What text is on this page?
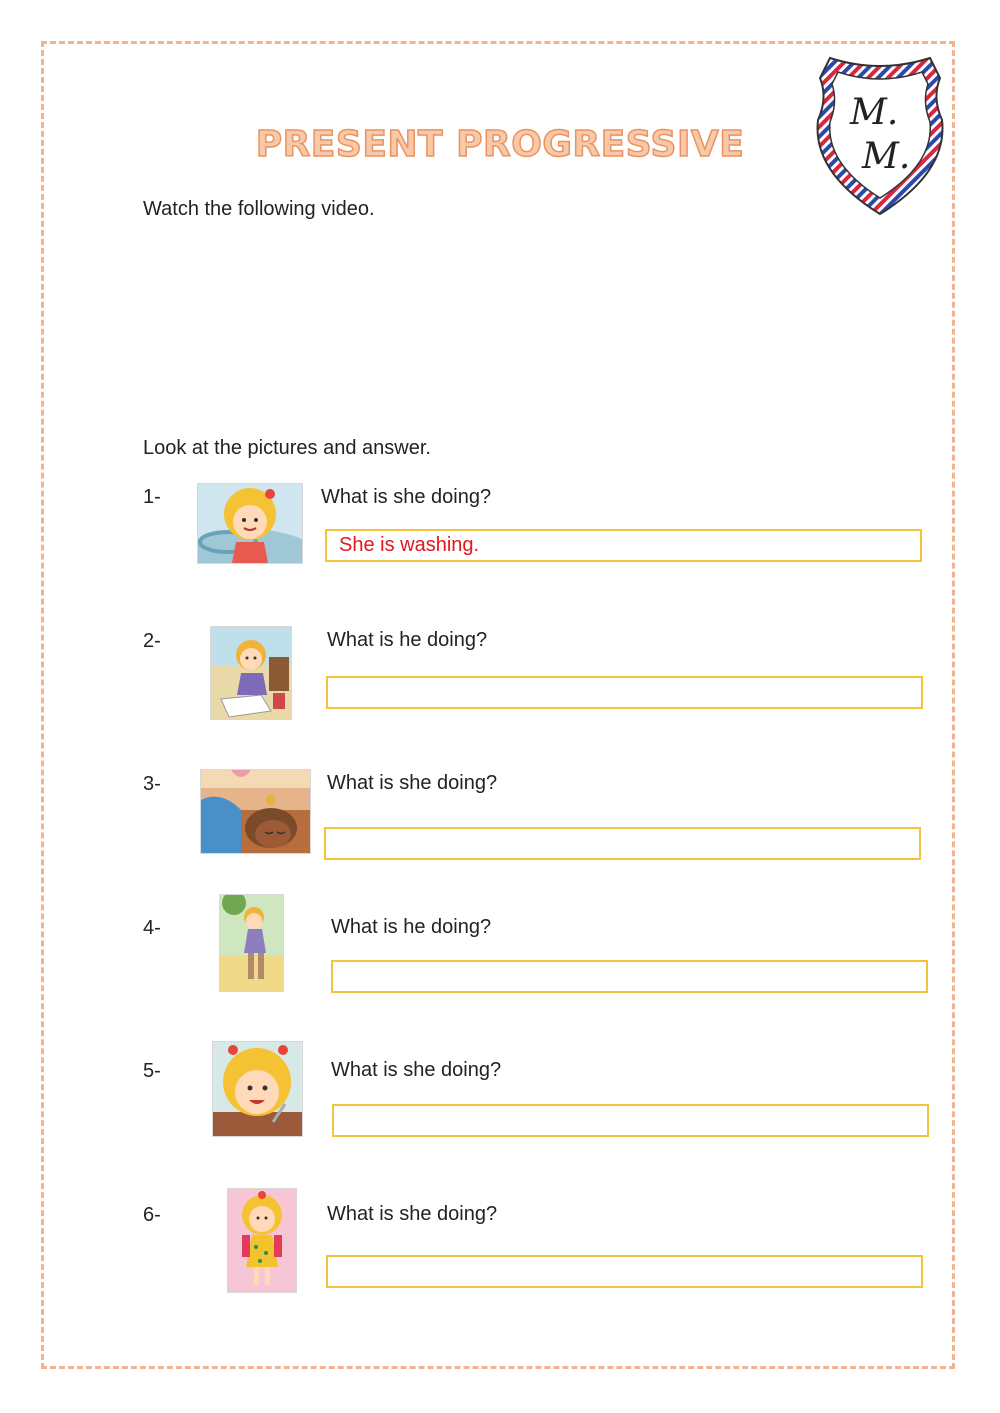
M.
M.
PRESENT PROGRESSIVE
Watch the following video.
Look at the pictures and answer.
1-	What is she doing?
She is washing.
2-	What is he doing?
3-	What is she doing?
4-	What is he doing?
5-	What is she doing?
6-	What is she doing?
